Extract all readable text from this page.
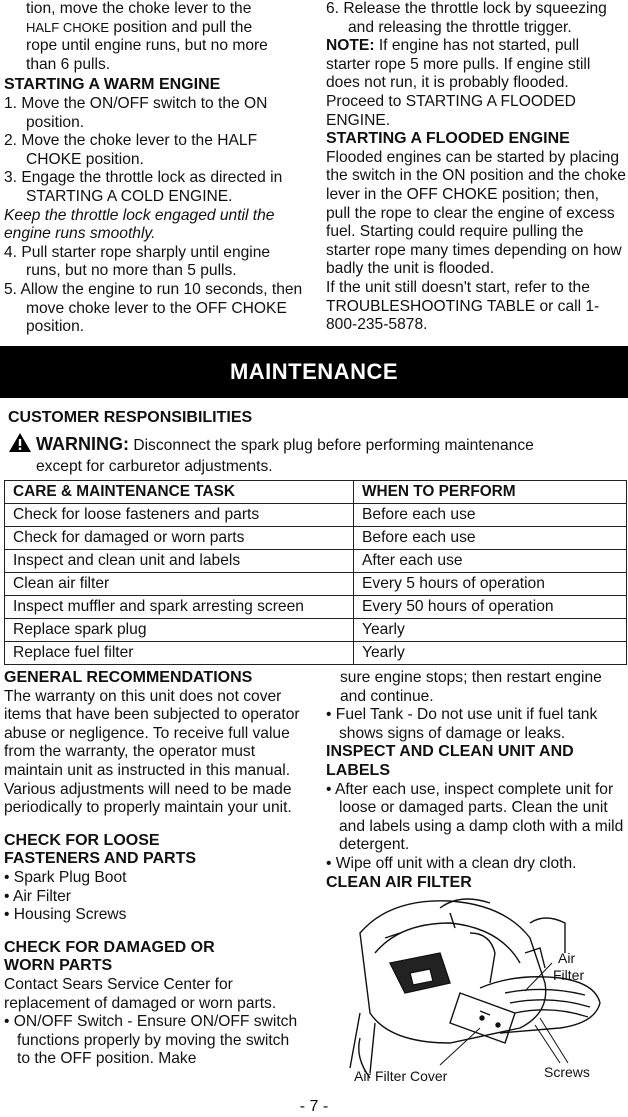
tion, move the choke lever to the

HALF CHOKE position and pull the

rope until engine runs, but no more

than 6 pulls.

STARTING A WARM ENGINE

1. Move the ON/OFF switch to the ON position.

2. Move the choke lever to the HALF CHOKE position.

3. Engage the throttle lock as directed in STARTING A COLD ENGINE.

Keep the throttle lock engaged until the engine runs smoothly.

4. Pull starter rope sharply until engine runs, but no more than 5 pulls.

5. Allow the engine to run 10 seconds, then move choke lever to the OFF CHOKE position.

6. Release the throttle lock by squeezing and releasing the throttle trigger.

NOTE: If engine has not started, pull starter rope 5 more pulls. If engine still does not run, it is probably flooded. Proceed to STARTING A FLOODED ENGINE.

STARTING A FLOODED ENGINE

Flooded engines can be started by placing the switch in the ON position and the choke lever in the OFF CHOKE position; then, pull the rope to clear the engine of excess fuel. Starting could require pulling the starter rope many times depending on how badly the unit is flooded.

If the unit still doesn't start, refer to the TROUBLESHOOTING TABLE or call 1-800-235-5878.

MAINTENANCE

CUSTOMER RESPONSIBILITIES

WARNING: Disconnect the spark plug before performing maintenance

except for carburetor adjustments.

CARE & MAINTENANCE TASK	WHEN TO PERFORM
Check for loose fasteners and parts	Before each use
Check for damaged or worn parts	Before each use
Inspect and clean unit and labels	After each use
Clean air filter	Every 5 hours of operation
Inspect muffler and spark arresting screen	Every 50 hours of operation
Replace spark plug	Yearly
Replace fuel filter	Yearly

GENERAL RECOMMENDATIONS

The warranty on this unit does not cover items that have been subjected to operator abuse or negligence. To receive full value from the warranty, the operator must maintain unit as instructed in this manual. Various adjustments will need to be made periodically to properly maintain your unit.

CHECK FOR LOOSE

FASTENERS AND PARTS

• Spark Plug Boot

• Air Filter

• Housing Screws

CHECK FOR DAMAGED OR

WORN PARTS

Contact Sears Service Center for replacement of damaged or worn parts.

• ON/OFF Switch - Ensure ON/OFF switch functions properly by moving the switch to the OFF position. Make

sure engine stops; then restart engine and continue.

• Fuel Tank - Do not use unit if fuel tank shows signs of damage or leaks.

INSPECT AND CLEAN UNIT AND

LABELS

• After each use, inspect complete unit for loose or damaged parts. Clean the unit and labels using a damp cloth with a mild detergent.

• Wipe off unit with a clean dry cloth.

CLEAN AIR FILTER

Air
Filter
Air Filter Cover	Screws
- 7 -
